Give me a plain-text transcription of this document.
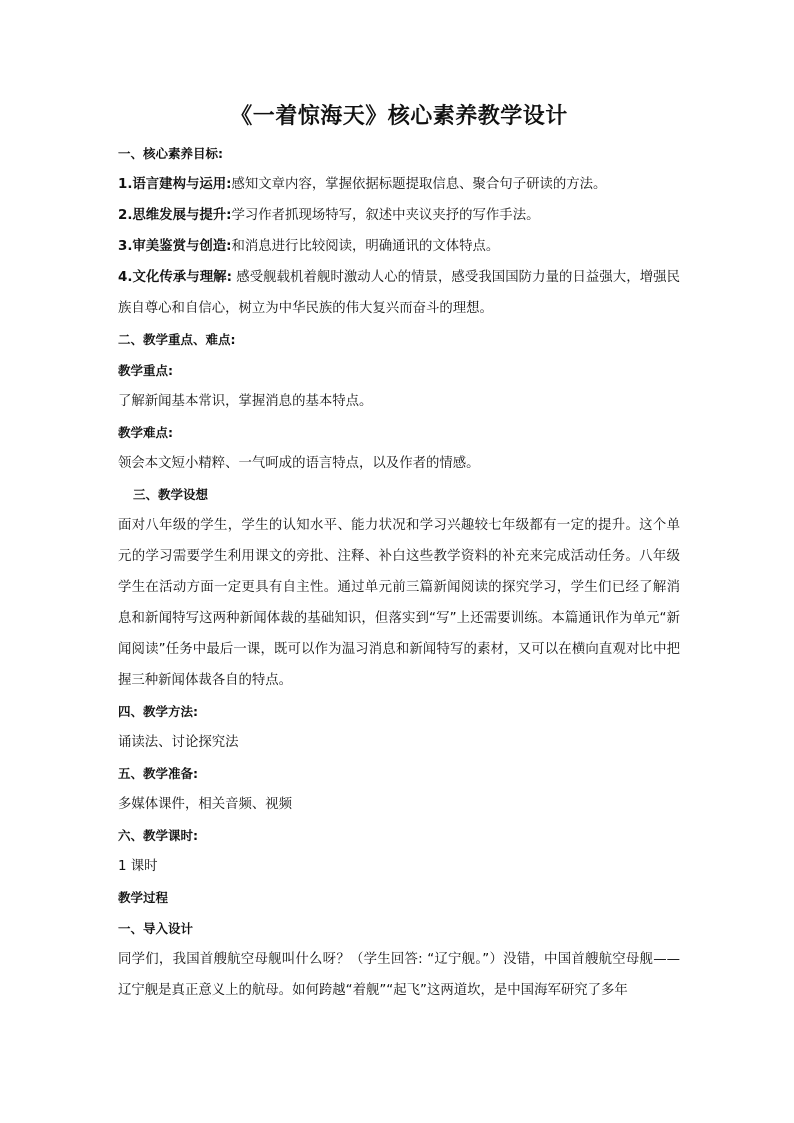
《一着惊海天》核心素养教学设计
一、核心素养目标:

1.语言建构与运用:感知文章内容，掌握依据标题提取信息、聚合句子研读的方法。

2.思维发展与提升:学习作者抓现场特写，叙述中夹议夹抒的写作手法。

3.审美鉴赏与创造:和消息进行比较阅读，明确通讯的文体特点。

4.文化传承与理解: 感受舰载机着舰时激动人心的情景，感受我国国防力量的日益强大，增强民族自尊心和自信心，树立为中华民族的伟大复兴而奋斗的理想。

二、教学重点、难点:
教学重点:

了解新闻基本常识，掌握消息的基本特点。

教学难点:

领会本文短小精粹、一气呵成的语言特点，以及作者的情感。

三、教学设想

面对八年级的学生，学生的认知水平、能力状况和学习兴趣较七年级都有一定的提升。这个单元的学习需要学生利用课文的旁批、注释、补白这些教学资料的补充来完成活动任务。八年级学生在活动方面一定更具有自主性。通过单元前三篇新闻阅读的探究学习，学生们已经了解消息和新闻特写这两种新闻体裁的基础知识，但落实到“写”上还需要训练。本篇通讯作为单元“新闻阅读”任务中最后一课，既可以作为温习消息和新闻特写的素材，又可以在横向直观对比中把握三种新闻体裁各自的特点。

四、教学方法:

诵读法、讨论探究法

五、教学准备:

多媒体课件，相关音频、视频

六、教学课时:

1 课时

教学过程
一、导入设计

同学们，我国首艘航空母舰叫什么呀？（学生回答: “辽宁舰。”）没错，中国首艘航空母舰——辽宁舰是真正意义上的航母。如何跨越“着舰”“起飞”这两道坎，是中国海军研究了多年
